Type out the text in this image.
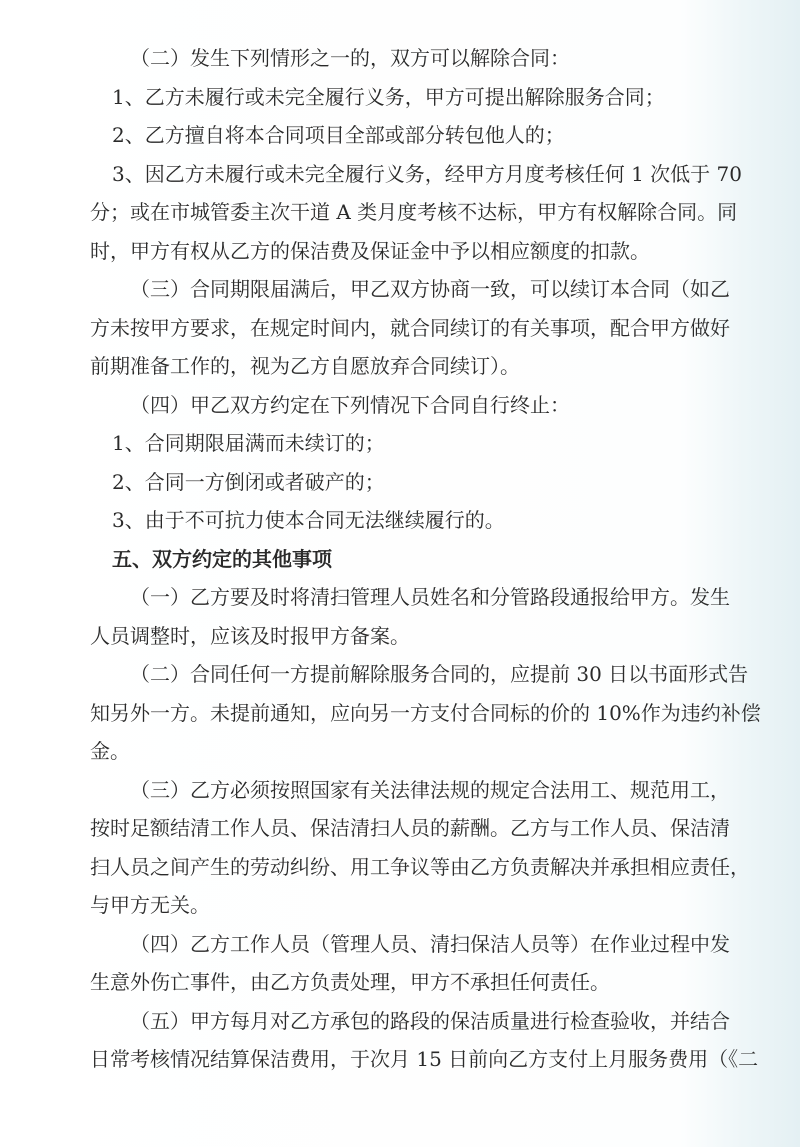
（二）发生下列情形之一的，双方可以解除合同：
1、乙方未履行或未完全履行义务，甲方可提出解除服务合同；
2、乙方擅自将本合同项目全部或部分转包他人的；
3、因乙方未履行或未完全履行义务，经甲方月度考核任何 1 次低于 70
分；或在市城管委主次干道 A 类月度考核不达标，甲方有权解除合同。同
时，甲方有权从乙方的保洁费及保证金中予以相应额度的扣款。
（三）合同期限届满后，甲乙双方协商一致，可以续订本合同（如乙
方未按甲方要求，在规定时间内，就合同续订的有关事项，配合甲方做好
前期准备工作的，视为乙方自愿放弃合同续订）。
（四）甲乙双方约定在下列情况下合同自行终止：
1、合同期限届满而未续订的；
2、合同一方倒闭或者破产的；
3、由于不可抗力使本合同无法继续履行的。
五、双方约定的其他事项
（一）乙方要及时将清扫管理人员姓名和分管路段通报给甲方。发生
人员调整时，应该及时报甲方备案。
（二）合同任何一方提前解除服务合同的，应提前 30 日以书面形式告
知另外一方。未提前通知，应向另一方支付合同标的价的 10%作为违约补偿
金。
（三）乙方必须按照国家有关法律法规的规定合法用工、规范用工，
按时足额结清工作人员、保洁清扫人员的薪酬。乙方与工作人员、保洁清
扫人员之间产生的劳动纠纷、用工争议等由乙方负责解决并承担相应责任，
与甲方无关。
（四）乙方工作人员（管理人员、清扫保洁人员等）在作业过程中发
生意外伤亡事件，由乙方负责处理，甲方不承担任何责任。
（五）甲方每月对乙方承包的路段的保洁质量进行检查验收，并结合
日常考核情况结算保洁费用，于次月 15 日前向乙方支付上月服务费用（《二
